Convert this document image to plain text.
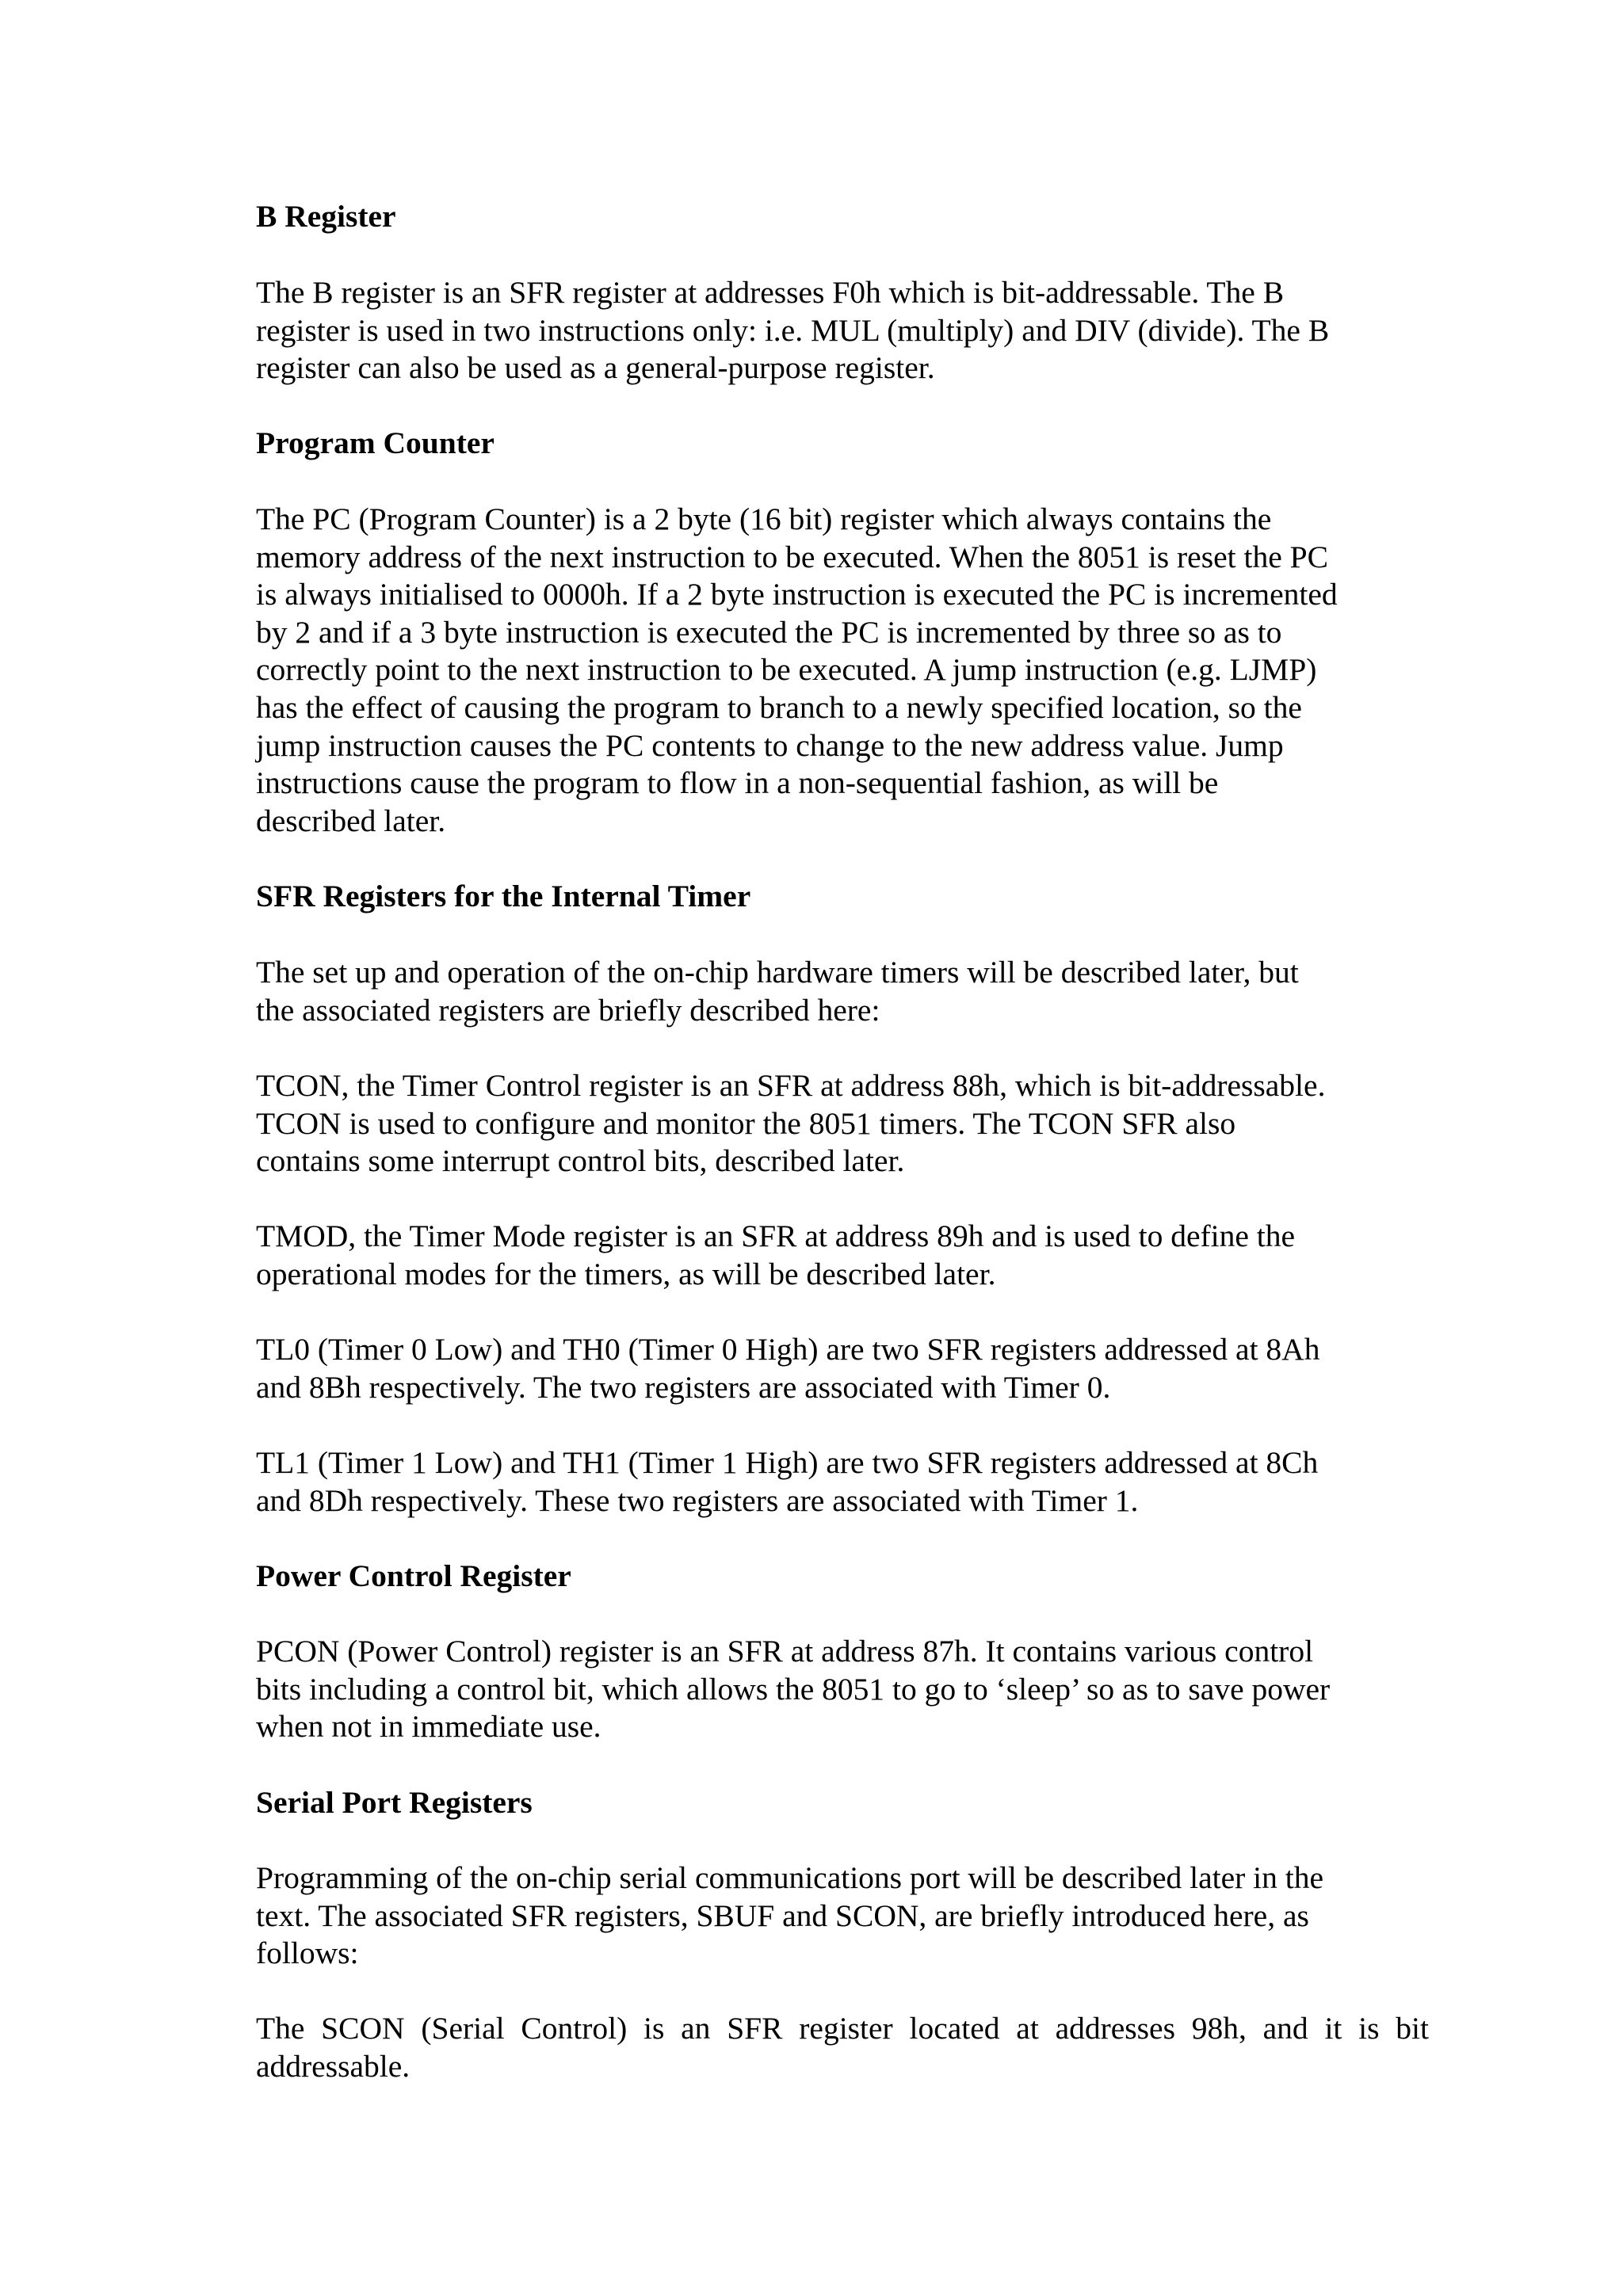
B Register
The B register is an SFR register at addresses F0h which is bit-addressable. The B
register is used in two instructions only: i.e. MUL (multiply) and DIV (divide). The B
register can also be used as a general-purpose register.
Program Counter
The PC (Program Counter) is a 2 byte (16 bit) register which always contains the
memory address of the next instruction to be executed. When the 8051 is reset the PC
is always initialised to 0000h. If a 2 byte instruction is executed the PC is incremented
by 2 and if a 3 byte instruction is executed the PC is incremented by three so as to
correctly point to the next instruction to be executed. A jump instruction (e.g. LJMP)
has the effect of causing the program to branch to a newly specified location, so the
jump instruction causes the PC contents to change to the new address value. Jump
instructions cause the program to flow in a non-sequential fashion, as will be
described later.
SFR Registers for the Internal Timer
The set up and operation of the on-chip hardware timers will be described later, but
the associated registers are briefly described here:
TCON, the Timer Control register is an SFR at address 88h, which is bit-addressable.
TCON is used to configure and monitor the 8051 timers. The TCON SFR also
contains some interrupt control bits, described later.
TMOD, the Timer Mode register is an SFR at address 89h and is used to define the
operational modes for the timers, as will be described later.
TL0 (Timer 0 Low) and TH0 (Timer 0 High) are two SFR registers addressed at 8Ah
and 8Bh respectively. The two registers are associated with Timer 0.
TL1 (Timer 1 Low) and TH1 (Timer 1 High) are two SFR registers addressed at 8Ch
and 8Dh respectively. These two registers are associated with Timer 1.
Power Control Register
PCON (Power Control) register is an SFR at address 87h. It contains various control
bits including a control bit, which allows the 8051 to go to ‘sleep’ so as to save power
when not in immediate use.
Serial Port Registers
Programming of the on-chip serial communications port will be described later in the
text. The associated SFR registers, SBUF and SCON, are briefly introduced here, as
follows:
The SCON (Serial Control) is an SFR register located at addresses 98h, and it is bit
addressable.
